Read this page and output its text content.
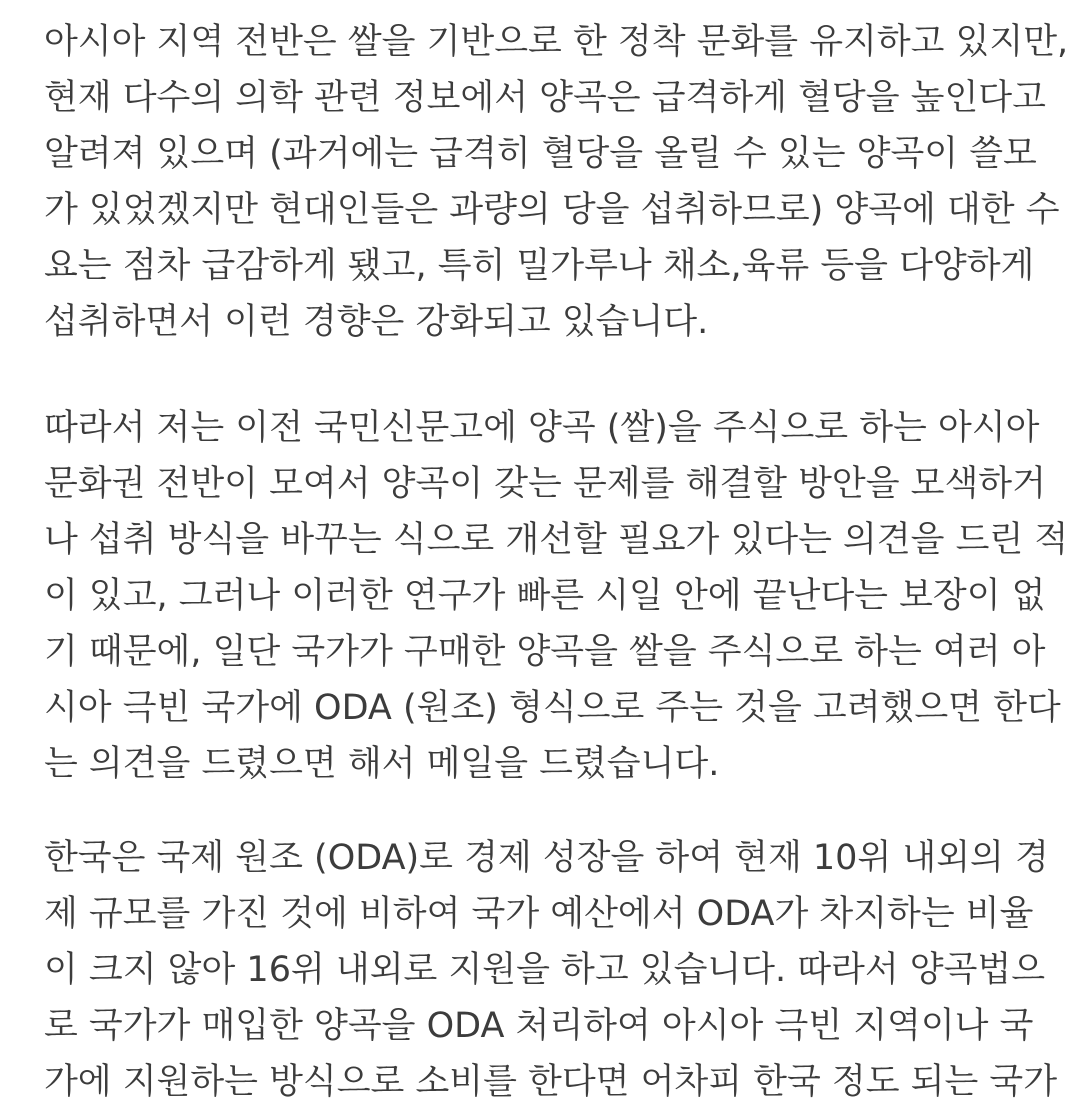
아시아 지역 전반은 쌀을 기반으로 한 정착 문화를 유지하고 있지만,
현재 다수의 의학 관련 정보에서 양곡은 급격하게 혈당을 높인다고
알려져 있으며 (과거에는 급격히 혈당을 올릴 수 있는 양곡이 쓸모
가 있었겠지만 현대인들은 과량의 당을 섭취하므로) 양곡에 대한 수
요는 점차 급감하게 됐고, 특히 밀가루나 채소,육류 등을 다양하게
섭취하면서 이런 경향은 강화되고 있습니다.
따라서 저는 이전 국민신문고에 양곡 (쌀)을 주식으로 하는 아시아
문화권 전반이 모여서 양곡이 갖는 문제를 해결할 방안을 모색하거
나 섭취 방식을 바꾸는 식으로 개선할 필요가 있다는 의견을 드린 적
이 있고, 그러나 이러한 연구가 빠른 시일 안에 끝난다는 보장이 없
기 때문에, 일단 국가가 구매한 양곡을 쌀을 주식으로 하는 여러 아
시아 극빈 국가에 ODA (원조) 형식으로 주는 것을 고려했으면 한다
는 의견을 드렸으면 해서 메일을 드렸습니다.
한국은 국제 원조 (ODA)로 경제 성장을 하여 현재 10위 내외의 경
제 규모를 가진 것에 비하여 국가 예산에서 ODA가 차지하는 비율
이 크지 않아 16위 내외로 지원을 하고 있습니다. 따라서 양곡법으
로 국가가 매입한 양곡을 ODA 처리하여 아시아 극빈 지역이나 국
가에 지원하는 방식으로 소비를 한다면 어차피 한국 정도 되는 국가
